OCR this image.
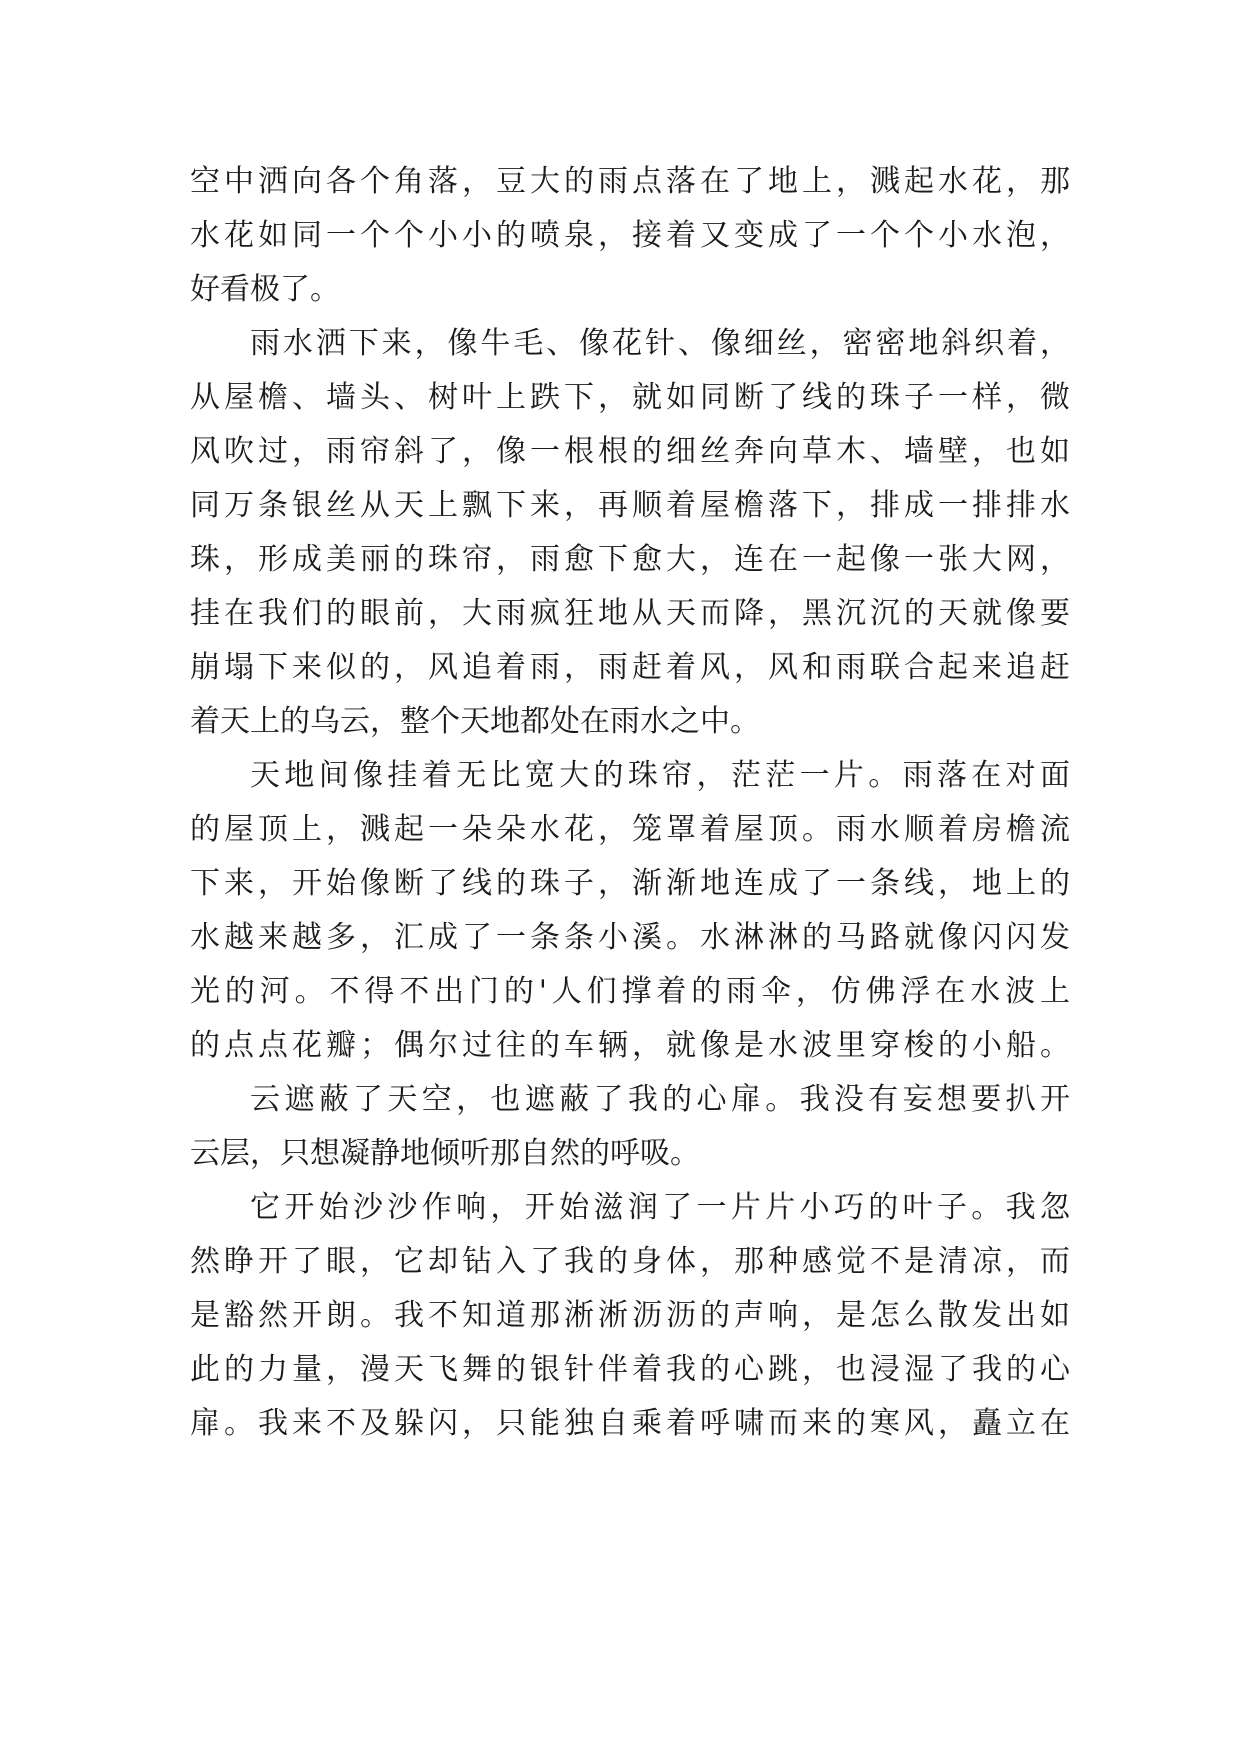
空中洒向各个角落，豆大的雨点落在了地上，溅起水花，那
水花如同一个个小小的喷泉，接着又变成了一个个小水泡，
好看极了。
雨水洒下来，像牛毛、像花针、像细丝，密密地斜织着，
从屋檐、墙头、树叶上跌下，就如同断了线的珠子一样，微
风吹过，雨帘斜了，像一根根的细丝奔向草木、墙壁，也如
同万条银丝从天上飘下来，再顺着屋檐落下，排成一排排水
珠，形成美丽的珠帘，雨愈下愈大，连在一起像一张大网，
挂在我们的眼前，大雨疯狂地从天而降，黑沉沉的天就像要
崩塌下来似的，风追着雨，雨赶着风，风和雨联合起来追赶
着天上的乌云，整个天地都处在雨水之中。
天地间像挂着无比宽大的珠帘，茫茫一片。雨落在对面
的屋顶上，溅起一朵朵水花，笼罩着屋顶。雨水顺着房檐流
下来，开始像断了线的珠子，渐渐地连成了一条线，地上的
水越来越多，汇成了一条条小溪。水淋淋的马路就像闪闪发
光的河。不得不出门的'人们撑着的雨伞，仿佛浮在水波上
的点点花瓣；偶尔过往的车辆，就像是水波里穿梭的小船。
云遮蔽了天空，也遮蔽了我的心扉。我没有妄想要扒开
云层，只想凝静地倾听那自然的呼吸。
它开始沙沙作响，开始滋润了一片片小巧的叶子。我忽
然睁开了眼，它却钻入了我的身体，那种感觉不是清凉，而
是豁然开朗。我不知道那淅淅沥沥的声响，是怎么散发出如
此的力量，漫天飞舞的银针伴着我的心跳，也浸湿了我的心
扉。我来不及躲闪，只能独自乘着呼啸而来的寒风，矗立在
